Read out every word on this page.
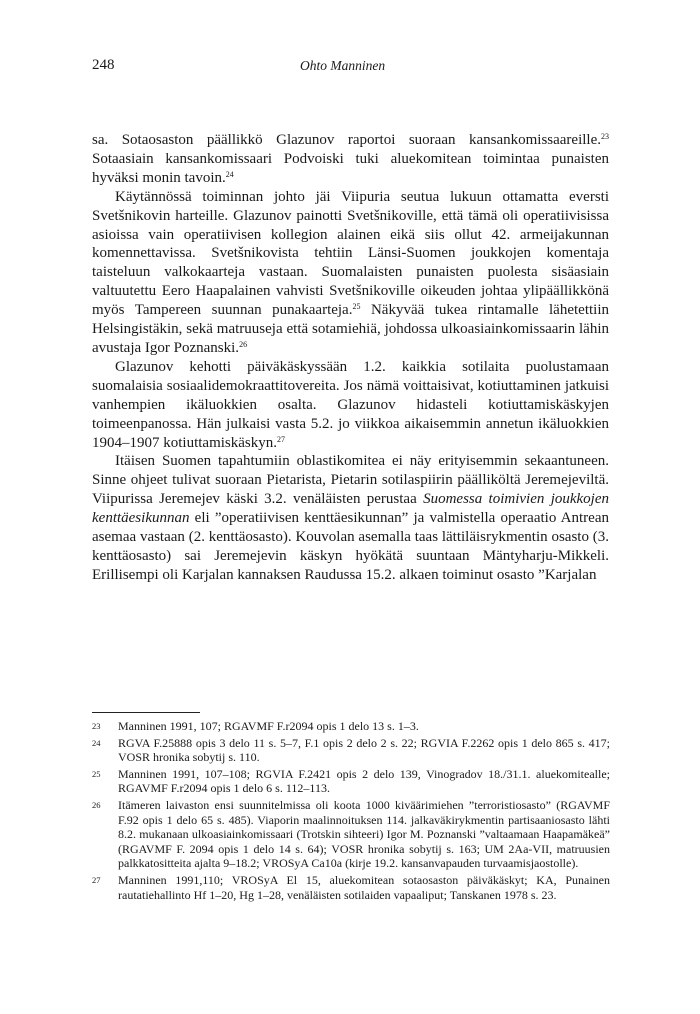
248	Ohto Manninen

sa. Sotaosaston päällikkö Glazunov raportoi suoraan kansankomissaareille.$^{23}$ Sotaasiain kansankomissaari Podvoiski tuki aluekomitean toimintaa punaisten hyväksi monin tavoin.$^{24}$

Käytännössä toiminnan johto jäi Viipuria seutua lukuun ottamatta eversti Svetšnikovin harteille. Glazunov painotti Svetšnikoville, että tämä oli operatiivisissa asioissa vain operatiivisen kollegion alainen eikä siis ollut 42. armeijakunnan komennettavissa. Svetšnikovista tehtiin Länsi-Suomen joukkojen komentaja taisteluun valkokaarteja vastaan. Suomalaisten punaisten puolesta sisäasiain valtuutettu Eero Haapalainen vahvisti Svetšnikoville oikeuden johtaa ylipäällikkönä myös Tampereen suunnan punakaarteja.$^{25}$ Näkyvää tukea rintamalle lähetettiin Helsingistäkin, sekä matruuseja että sotamiehiä, johdossa ulkoasiainkomissaarin lähin avustaja Igor Poznanski.$^{26}$

Glazunov kehotti päiväkäskyssään 1.2. kaikkia sotilaita puolustamaan suomalaisia sosiaalidemokraattitovereita. Jos nämä voittaisivat, kotiuttaminen jatkuisi vanhempien ikäluokkien osalta. Glazunov hidasteli kotiuttamiskäskyjen toimeenpanossa. Hän julkaisi vasta 5.2. jo viikkoa aikaisemmin annetun ikäluokkien 1904–1907 kotiuttamiskäskyn.$^{27}$

Itäisen Suomen tapahtumiin oblastikomitea ei näy erityisemmin sekaantuneen. Sinne ohjeet tulivat suoraan Pietarista, Pietarin sotilaspiirin päälliköltä Jeremejeviltä. Viipurissa Jeremejev käski 3.2. venäläisten perustaa Suomessa toimivien joukkojen kenttäesikunnan eli ”operatiivisen kenttäesikunnan” ja valmistella operaatio Antrean asemaa vastaan (2. kenttäosasto). Kouvolan asemalla taas lättiläisrykmentin osasto (3. kenttäosasto) sai Jeremejevin käskyn hyökätä suuntaan Mäntyharju-Mikkeli. Erillisempi oli Karjalan kannaksen Raudussa 15.2. alkaen toiminut osasto ”Karjalan

23 Manninen 1991, 107; RGAVMF F.r2094 opis 1 delo 13 s. 1–3.
24 RGVA F.25888 opis 3 delo 11 s. 5–7, F.1 opis 2 delo 2 s. 22; RGVIA F.2262 opis 1 delo 865 s. 417; VOSR hronika sobytij s. 110.
25 Manninen 1991, 107–108; RGVIA F.2421 opis 2 delo 139, Vinogradov 18./31.1. aluekomitealle; RGAVMF F.r2094 opis 1 delo 6 s. 112–113.
26 Itämeren laivaston ensi suunnitelmissa oli koota 1000 kiväärimiehen ”terroristiosasto” (RGAVMF F.92 opis 1 delo 65 s. 485). Viaporin maalinnoituksen 114. jalkaväkirykmentin partisaaniosasto lähti 8.2. mukanaan ulkoasiainkomissaari (Trotskin sihteeri) Igor M. Poznanski ”valtaamaan Haapamäkeä” (RGAVMF F. 2094 opis 1 delo 14 s. 64); VOSR hronika sobytij s. 163; UM 2Aa-VII, matruusien palkkatositteita ajalta 9–18.2; VROSyA Ca10a (kirje 19.2. kansanvapauden turvaamisjaostolle).
27 Manninen 1991,110; VROSyA El 15, aluekomitean sotaosaston päiväkäskyt; KA, Punainen rautatiehallinto Hf 1–20, Hg 1–28, venäläisten sotilaiden vapaaliput; Tanskanen 1978 s. 23.
